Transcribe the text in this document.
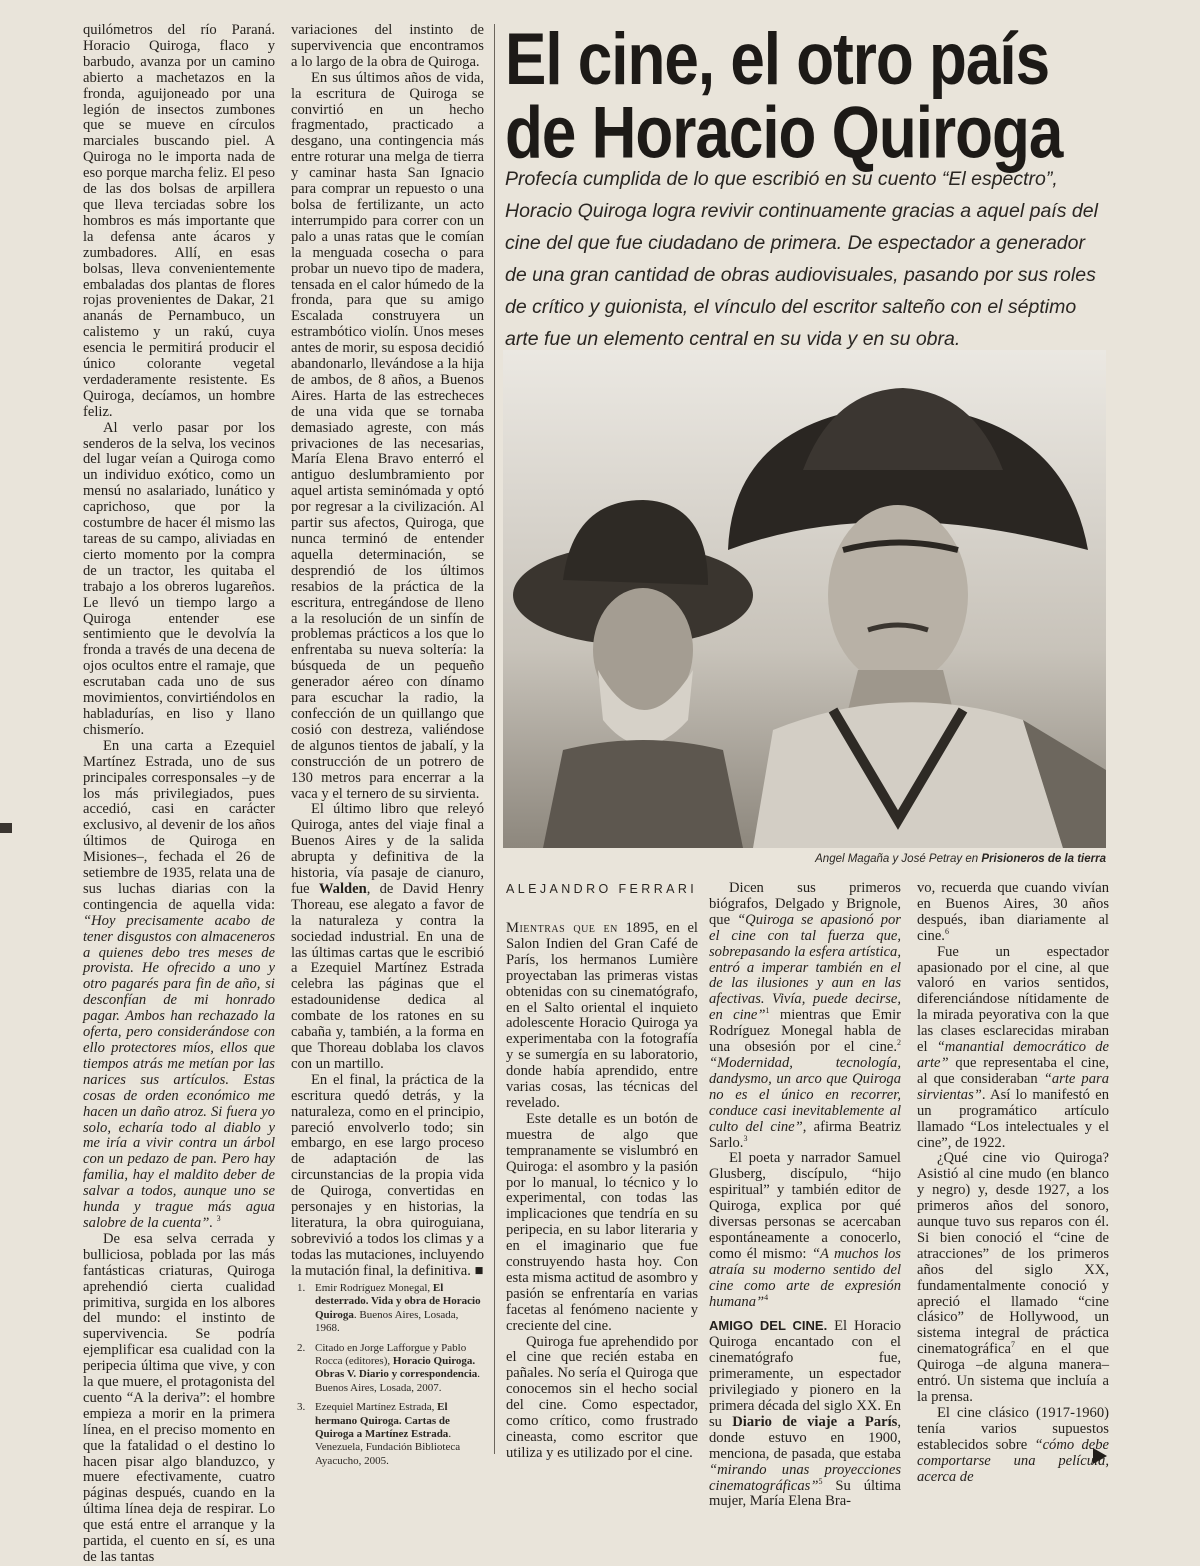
quilómetros del río Paraná. Horacio Quiroga, flaco y barbudo, avanza por un camino abierto a machetazos en la fronda, aguijoneado por una legión de insectos zumbones que se mueve en círculos marciales buscando piel. A Quiroga no le importa nada de eso porque marcha feliz. El peso de las dos bolsas de arpillera que lleva terciadas sobre los hombros es más importante que la defensa ante ácaros y zumbadores. Allí, en esas bolsas, lleva convenientemente embaladas dos plantas de flores rojas provenientes de Dakar, 21 ananás de Pernambuco, un calistemo y un rakú, cuya esencia le permitirá producir el único colorante vegetal verdaderamente resistente. Es Quiroga, decíamos, un hombre feliz.

Al verlo pasar por los senderos de la selva, los vecinos del lugar veían a Quiroga como un individuo exótico, como un mensú no asalariado, lunático y caprichoso, que por la costumbre de hacer él mismo las tareas de su campo, aliviadas en cierto momento por la compra de un tractor, les quitaba el trabajo a los obreros lugareños. Le llevó un tiempo largo a Quiroga entender ese sentimiento que le devolvía la fronda a través de una decena de ojos ocultos entre el ramaje, que escrutaban cada uno de sus movimientos, convirtiéndolos en habladurías, en liso y llano chismerío.

En una carta a Ezequiel Martínez Estrada, uno de sus principales corresponsales –y de los más privilegiados, pues accedió, casi en carácter exclusivo, al devenir de los años últimos de Quiroga en Misiones–, fechada el 26 de setiembre de 1935, relata una de sus luchas diarias con la contingencia de aquella vida: “Hoy precisamente acabo de tener disgustos con almaceneros a quienes debo tres meses de provista. He ofrecido a uno y otro pagarés para fin de año, si desconfían de mi honrado pagar. Ambos han rechazado la oferta, pero considerándose con ello protectores míos, ellos que tiempos atrás me metían por las narices sus artículos. Estas cosas de orden económico me hacen un daño atroz. Si fuera yo solo, echaría todo al diablo y me iría a vivir contra un árbol con un pedazo de pan. Pero hay familia, hay el maldito deber de salvar a todos, aunque uno se hunda y trague más agua salobre de la cuenta”. $^3$

De esa selva cerrada y bulliciosa, poblada por las más fantásticas criaturas, Quiroga aprehendió cierta cualidad primitiva, surgida en los albores del mundo: el instinto de supervivencia. Se podría ejemplificar esa cualidad con la peripecia última que vive, y con la que muere, el protagonista del cuento “A la deriva”: el hombre empieza a morir en la primera línea, en el preciso momento en que la fatalidad o el destino lo hacen pisar algo blanduzco, y muere efectivamente, cuatro páginas después, cuando en la última línea deja de respirar. Lo que está entre el arranque y la partida, el cuento en sí, es una de las tantas

variaciones del instinto de supervivencia que encontramos a lo largo de la obra de Quiroga.

En sus últimos años de vida, la escritura de Quiroga se convirtió en un hecho fragmentado, practicado a desgano, una contingencia más entre roturar una melga de tierra y caminar hasta San Ignacio para comprar un repuesto o una bolsa de fertilizante, un acto interrumpido para correr con un palo a unas ratas que le comían la menguada cosecha o para probar un nuevo tipo de madera, tensada en el calor húmedo de la fronda, para que su amigo Escalada construyera un estrambótico violín. Unos meses antes de morir, su esposa decidió abandonarlo, llevándose a la hija de ambos, de 8 años, a Buenos Aires. Harta de las estrecheces de una vida que se tornaba demasiado agreste, con más privaciones de las necesarias, María Elena Bravo enterró el antiguo deslumbramiento por aquel artista seminómada y optó por regresar a la civilización. Al partir sus afectos, Quiroga, que nunca terminó de entender aquella determinación, se desprendió de los últimos resabios de la práctica de la escritura, entregándose de lleno a la resolución de un sinfín de problemas prácticos a los que lo enfrentaba su nueva soltería: la búsqueda de un pequeño generador aéreo con dínamo para escuchar la radio, la confección de un quillango que cosió con destreza, valiéndose de algunos tientos de jabalí, y la construcción de un potrero de 130 metros para encerrar a la vaca y el ternero de su sirvienta.

El último libro que releyó Quiroga, antes del viaje final a Buenos Aires y de la salida abrupta y definitiva de la historia, vía pasaje de cianuro, fue Walden, de David Henry Thoreau, ese alegato a favor de la naturaleza y contra la sociedad industrial. En una de las últimas cartas que le escribió a Ezequiel Martínez Estrada celebra las páginas que el estadounidense dedica al combate de los ratones en su cabaña y, también, a la forma en que Thoreau doblaba los clavos con un martillo.

En el final, la práctica de la escritura quedó detrás, y la naturaleza, como en el principio, pareció envolverlo todo; sin embargo, en ese largo proceso de adaptación de las circunstancias de la propia vida de Quiroga, convertidas en personajes y en historias, la literatura, la obra quiroguiana, sobrevivió a todos los climas y a todas las mutaciones, incluyendo la mutación final, la definitiva. ■

1. Emir Rodríguez Monegal, El desterrado. Vida y obra de Horacio Quiroga. Buenos Aires, Losada, 1968.
2. Citado en Jorge Lafforgue y Pablo Rocca (editores), Horacio Quiroga. Obras V. Diario y correspondencia. Buenos Aires, Losada, 2007.
3. Ezequiel Martínez Estrada, El hermano Quiroga. Cartas de Quiroga a Martínez Estrada. Venezuela, Fundación Biblioteca Ayacucho, 2005.
El cine, el otro país
de Horacio Quiroga
Profecía cumplida de lo que escribió en su cuento “El espectro”, Horacio Quiroga logra revivir continuamente gracias a aquel país del cine del que fue ciudadano de primera. De espectador a generador de una gran cantidad de obras audiovisuales, pasando por sus roles de crítico y guionista, el vínculo del escritor salteño con el séptimo arte fue un elemento central en su vida y en su obra.
Angel Magaña y José Petray en Prisioneros de la tierra
ALEJANDRO FERRARI

Mientras que en 1895, en el Salon Indien del Gran Café de París, los hermanos Lumière proyectaban las primeras vistas obtenidas con su cinematógrafo, en el Salto oriental el inquieto adolescente Horacio Quiroga ya experimentaba con la fotografía y se sumergía en su laboratorio, donde había aprendido, entre varias cosas, las técnicas del revelado.

Este detalle es un botón de muestra de algo que tempranamente se vislumbró en Quiroga: el asombro y la pasión por lo manual, lo técnico y lo experimental, con todas las implicaciones que tendría en su peripecia, en su labor literaria y en el imaginario que fue construyendo hasta hoy. Con esta misma actitud de asombro y pasión se enfrentaría en varias facetas al fenómeno naciente y creciente del cine.

Quiroga fue aprehendido por el cine que recién estaba en pañales. No sería el Quiroga que conocemos sin el hecho social del cine. Como espectador, como crítico, como frustrado cineasta, como escritor que utiliza y es utilizado por el cine.

Dicen sus primeros biógrafos, Delgado y Brignole, que “Quiroga se apasionó por el cine con tal fuerza que, sobrepasando la esfera artística, entró a imperar también en el de las ilusiones y aun en las afectivas. Vivía, puede decirse, en cine”$^1$ mientras que Emir Rodríguez Monegal habla de una obsesión por el cine.$^2$ “Modernidad, tecnología, dandysmo, un arco que Quiroga no es el único en recorrer, conduce casi inevitablemente al culto del cine”, afirma Beatriz Sarlo.$^3$

El poeta y narrador Samuel Glusberg, discípulo, “hijo espiritual” y también editor de Quiroga, explica por qué diversas personas se acercaban espontáneamente a conocerlo, como él mismo: “A muchos los atraía su moderno sentido del cine como arte de expresión humana”$^4$

AMIGO DEL CINE. El Horacio Quiroga encantado con el cinematógrafo fue, primeramente, un espectador privilegiado y pionero en la primera década del siglo XX. En su Diario de viaje a París, donde estuvo en 1900, menciona, de pasada, que estaba “mirando unas proyecciones cinematográficas”$^5$ Su última mujer, María Elena Bra-

vo, recuerda que cuando vivían en Buenos Aires, 30 años después, iban diariamente al cine.$^6$

Fue un espectador apasionado por el cine, al que valoró en varios sentidos, diferenciándose nítidamente de la mirada peyorativa con la que las clases esclarecidas miraban el “manantial democrático de arte” que representaba el cine, al que consideraban “arte para sirvientas”. Así lo manifestó en un programático artículo llamado “Los intelectuales y el cine”, de 1922.

¿Qué cine vio Quiroga? Asistió al cine mudo (en blanco y negro) y, desde 1927, a los primeros años del sonoro, aunque tuvo sus reparos con él. Si bien conoció el “cine de atracciones” de los primeros años del siglo XX, fundamentalmente conoció y apreció el llamado “cine clásico” de Hollywood, un sistema integral de práctica cinematográfica$^7$ en el que Quiroga –de alguna manera– entró. Un sistema que incluía a la prensa.

El cine clásico (1917-1960) tenía varios supuestos establecidos sobre “cómo debe comportarse una película, acerca de
